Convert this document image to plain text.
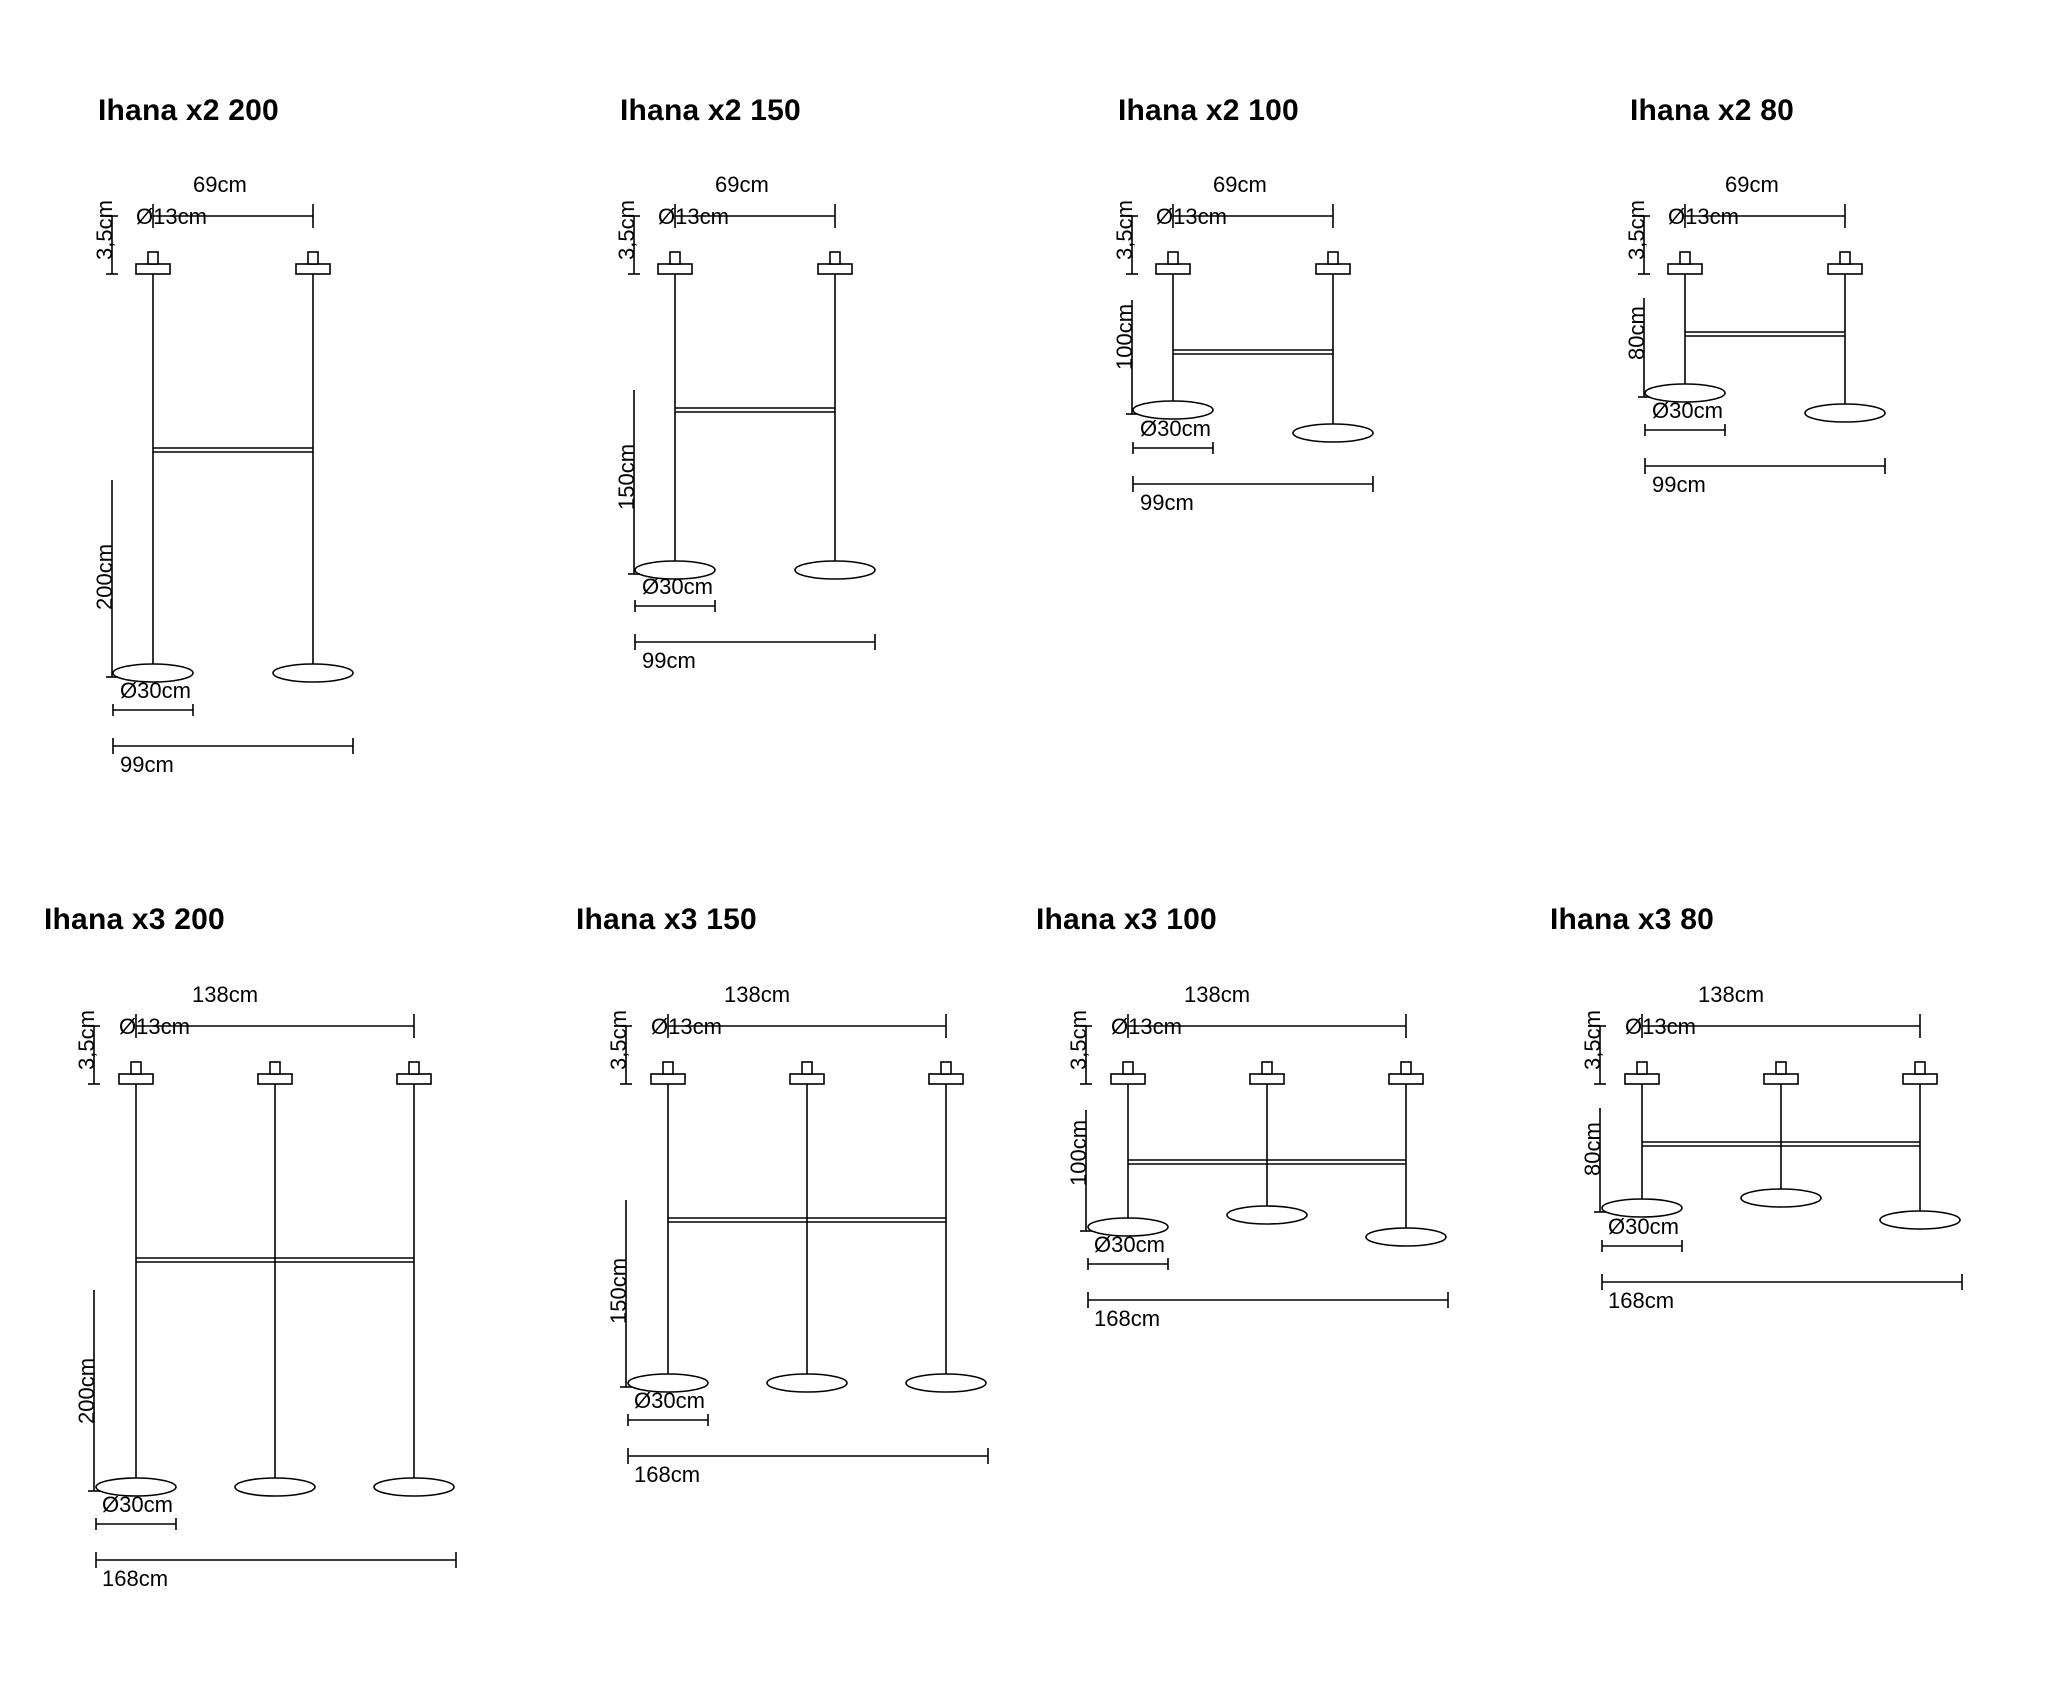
Ihana x2 200
69cm
Ø13cm
3,5cm
200cm
Ø30cm
99cm
Ihana x2 150
69cm
Ø13cm
3,5cm
150cm
Ø30cm
99cm
Ihana x2 100
69cm
Ø13cm
3,5cm
100cm
Ø30cm
99cm
Ihana x2 80
69cm
Ø13cm
3,5cm
80cm
Ø30cm
99cm
Ihana x3 200
138cm
Ø13cm
3,5cm
200cm
Ø30cm
168cm
Ihana x3 150
138cm
Ø13cm
3,5cm
150cm
Ø30cm
168cm
Ihana x3 100
138cm
Ø13cm
3,5cm
100cm
Ø30cm
168cm
Ihana x3 80
138cm
Ø13cm
3,5cm
80cm
Ø30cm
168cm
